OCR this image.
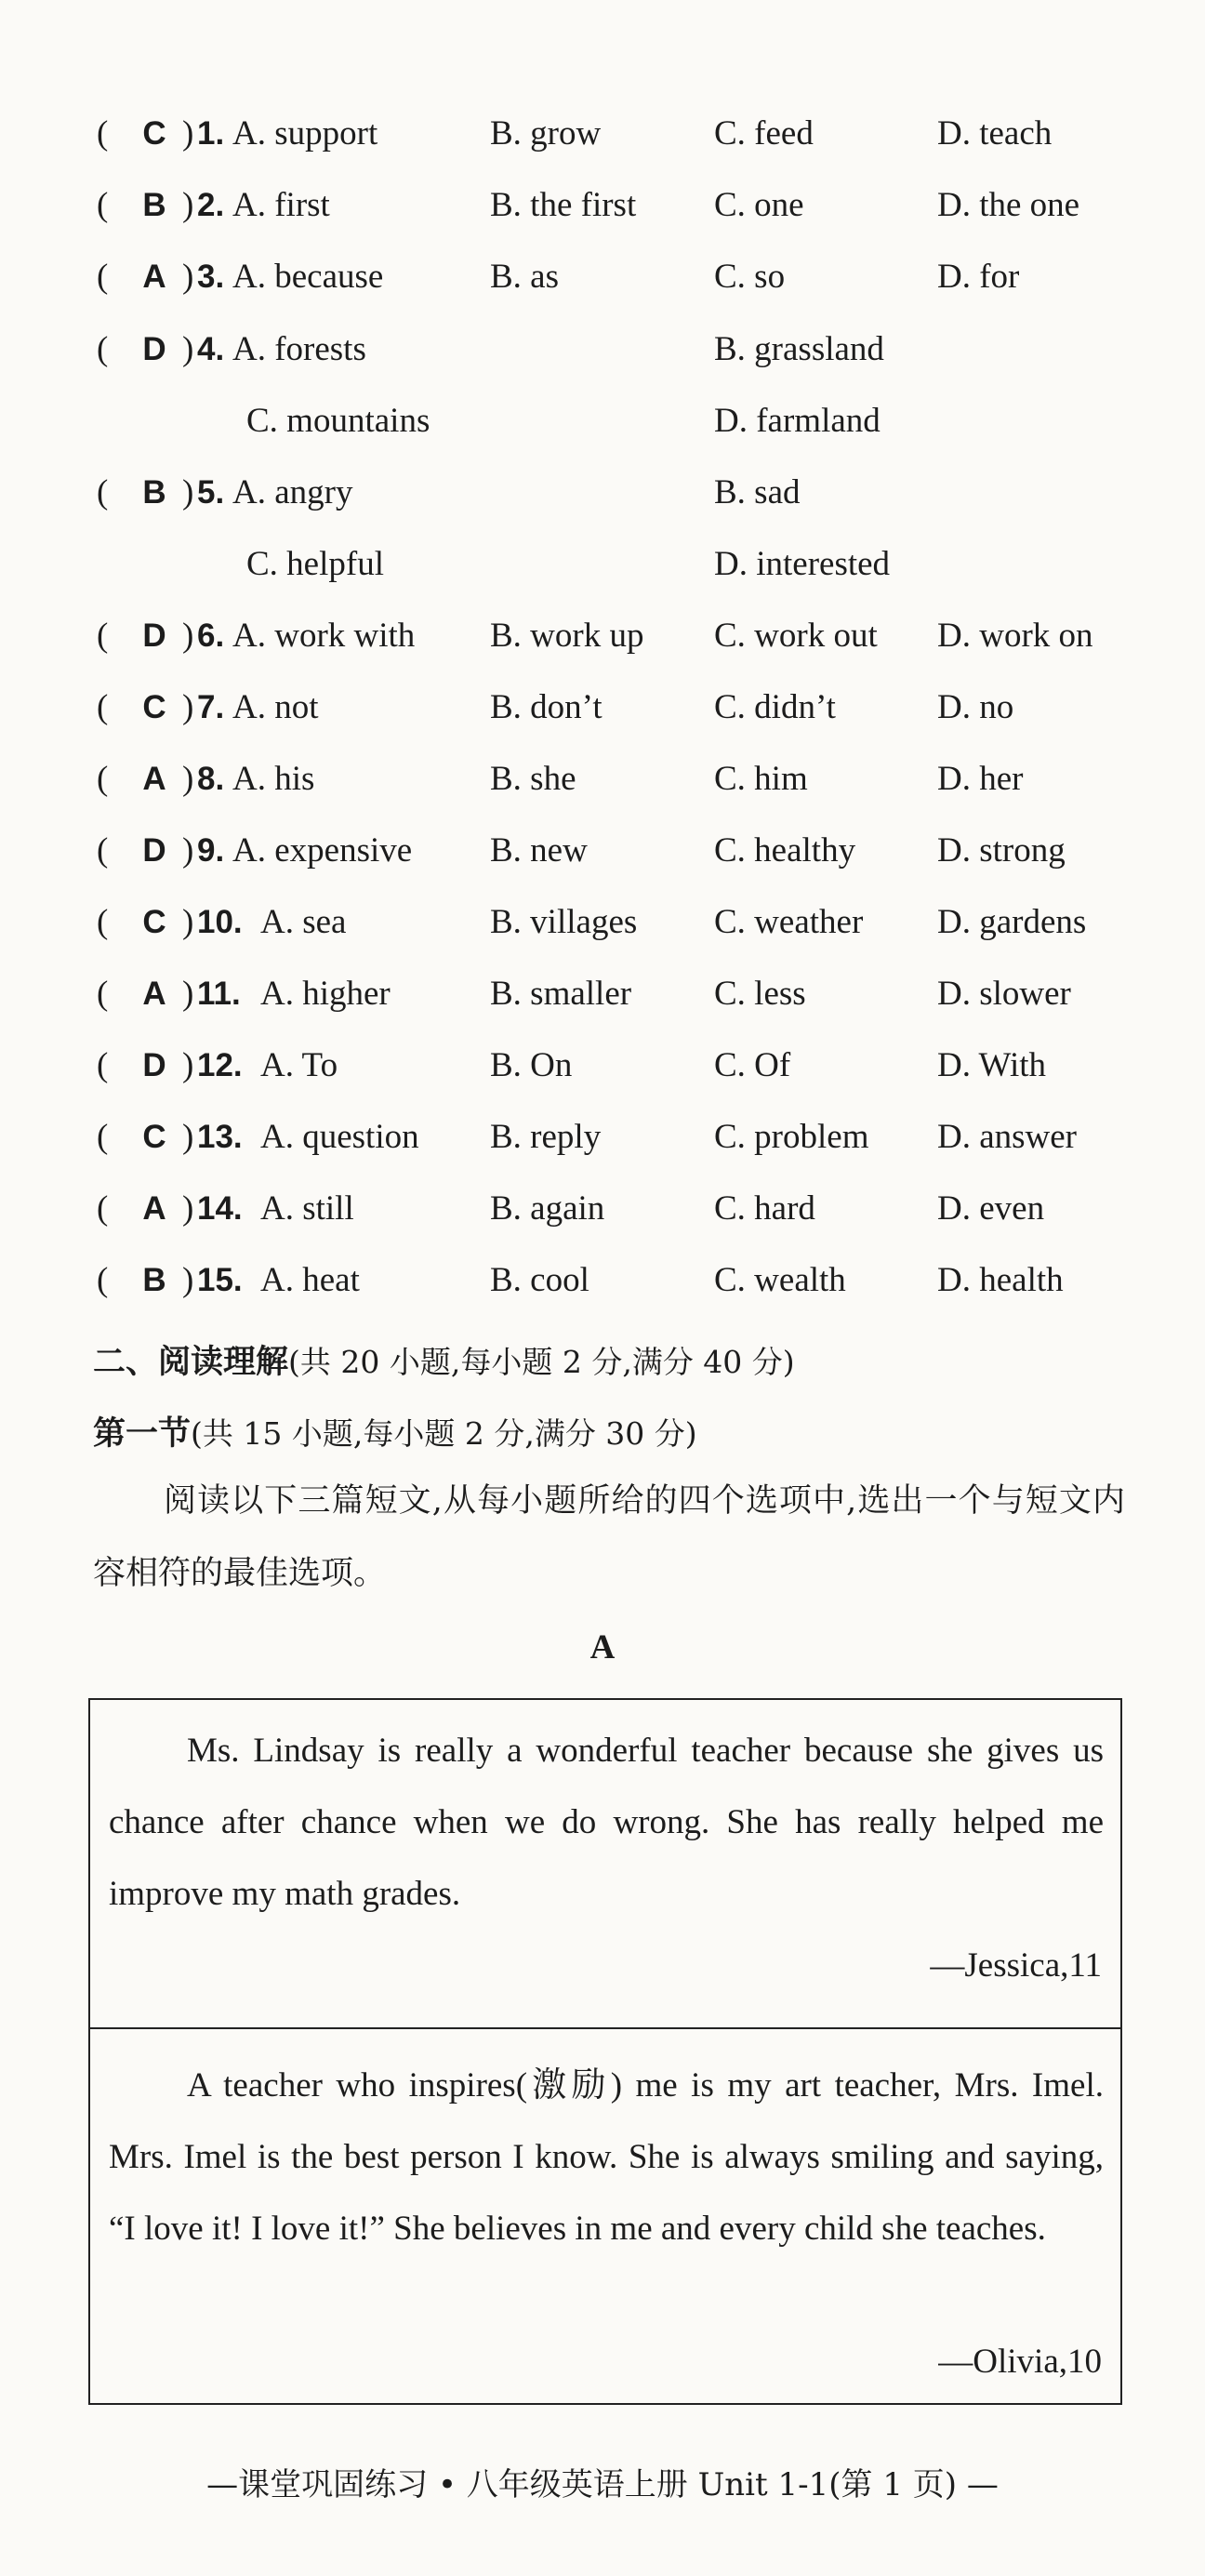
( C ) 1. A. support	B. grow	C. feed	D. teach
( B ) 2. A. first	B. the first C. one	D. the one
( A ) 3. A. because	B. as	C. so	D. for
( D ) 4. A. forests	B. grassland
C. mountains	D. farmland
( B ) 5. A. angry	B. sad
C. helpful	D. interested
( D ) 6. A. work with B. work up C. work out D. work on
( C ) 7. A. not	B. don’t	C. didn’t	D. no
( A ) 8. A. his	B. she	C. him	D. her
( D ) 9. A. expensive B. new	C. healthy D. strong
( C ) 10. A. sea	B. villages C. weather D. gardens
( A ) 11. A. higher	B. smaller C. less	D. slower
( D ) 12. A. To	B. On	C. Of	D. With
( C ) 13. A. question B. reply	C. problem D. answer
( A ) 14. A. still	B. again	C. hard	D. even
( B ) 15. A. heat	B. cool	C. wealth	D. health
二、阅读理解(共 20 小题,每小题 2 分,满分 40 分)
第一节(共 15 小题,每小题 2 分,满分 30 分)
阅读以下三篇短文,从每小题所给的四个选项中,选出一个与短文内容相符的最佳选项。
A

Ms. Lindsay is really a wonderful teacher because she gives us chance after chance when we do wrong. She has really helped me improve my math grades.

—Jessica,11

A teacher who inspires(激励) me is my art teacher, Mrs. Imel. Mrs. Imel is the best person I know. She is always smiling and saying, “I love it! I love it!” She believes in me and every child she teaches.

—Olivia,10
—课堂巩固练习 • 八年级英语上册 Unit 1-1(第 1 页) —
